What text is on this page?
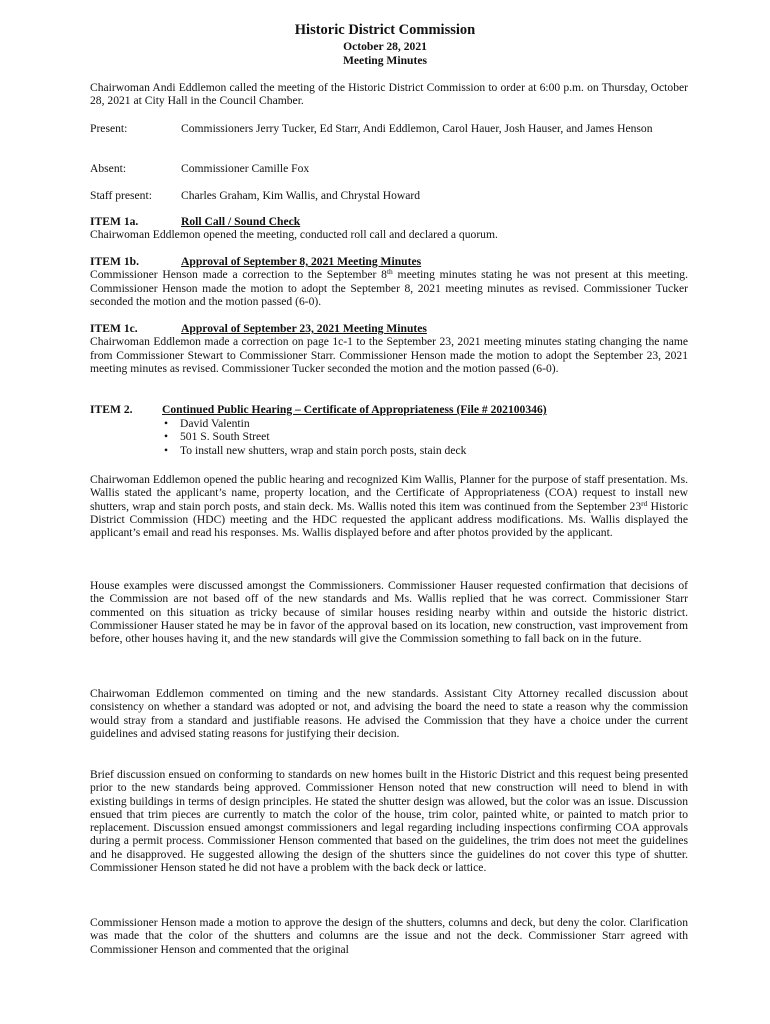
Historic District Commission
October 28, 2021
Meeting Minutes
Chairwoman Andi Eddlemon called the meeting of the Historic District Commission to order at 6:00 p.m. on Thursday, October 28, 2021 at City Hall in the Council Chamber.
Present:	Commissioners Jerry Tucker, Ed Starr, Andi Eddlemon, Carol Hauer, Josh Hauser, and James Henson
Absent:	Commissioner Camille Fox
Staff present:	Charles Graham, Kim Wallis, and Chrystal Howard
ITEM 1a.	Roll Call / Sound Check
Chairwoman Eddlemon opened the meeting, conducted roll call and declared a quorum.
ITEM 1b.	Approval of September 8, 2021 Meeting Minutes
Commissioner Henson made a correction to the September 8th meeting minutes stating he was not present at this meeting. Commissioner Henson made the motion to adopt the September 8, 2021 meeting minutes as revised. Commissioner Tucker seconded the motion and the motion passed (6-0).
ITEM 1c.	Approval of September 23, 2021 Meeting Minutes
Chairwoman Eddlemon made a correction on page 1c-1 to the September 23, 2021 meeting minutes stating changing the name from Commissioner Stewart to Commissioner Starr. Commissioner Henson made the motion to adopt the September 23, 2021 meeting minutes as revised. Commissioner Tucker seconded the motion and the motion passed (6-0).
ITEM 2.	Continued Public Hearing – Certificate of Appropriateness (File # 202100346)
• David Valentin
• 501 S. South Street
• To install new shutters, wrap and stain porch posts, stain deck
Chairwoman Eddlemon opened the public hearing and recognized Kim Wallis, Planner for the purpose of staff presentation. Ms. Wallis stated the applicant’s name, property location, and the Certificate of Appropriateness (COA) request to install new shutters, wrap and stain porch posts, and stain deck. Ms. Wallis noted this item was continued from the September 23rd Historic District Commission (HDC) meeting and the HDC requested the applicant address modifications. Ms. Wallis displayed the applicant’s email and read his responses. Ms. Wallis displayed before and after photos provided by the applicant.
House examples were discussed amongst the Commissioners. Commissioner Hauser requested confirmation that decisions of the Commission are not based off of the new standards and Ms. Wallis replied that he was correct. Commissioner Starr commented on this situation as tricky because of similar houses residing nearby within and outside the historic district. Commissioner Hauser stated he may be in favor of the approval based on its location, new construction, vast improvement from before, other houses having it, and the new standards will give the Commission something to fall back on in the future.
Chairwoman Eddlemon commented on timing and the new standards. Assistant City Attorney recalled discussion about consistency on whether a standard was adopted or not, and advising the board the need to state a reason why the commission would stray from a standard and justifiable reasons. He advised the Commission that they have a choice under the current guidelines and advised stating reasons for justifying their decision.
Brief discussion ensued on conforming to standards on new homes built in the Historic District and this request being presented prior to the new standards being approved. Commissioner Henson noted that new construction will need to blend in with existing buildings in terms of design principles. He stated the shutter design was allowed, but the color was an issue. Discussion ensued that trim pieces are currently to match the color of the house, trim color, painted white, or painted to match prior to replacement. Discussion ensued amongst commissioners and legal regarding including inspections confirming COA approvals during a permit process. Commissioner Henson commented that based on the guidelines, the trim does not meet the guidelines and he disapproved. He suggested allowing the design of the shutters since the guidelines do not cover this type of shutter. Commissioner Henson stated he did not have a problem with the back deck or lattice.
Commissioner Henson made a motion to approve the design of the shutters, columns and deck, but deny the color. Clarification was made that the color of the shutters and columns are the issue and not the deck. Commissioner Starr agreed with Commissioner Henson and commented that the original
